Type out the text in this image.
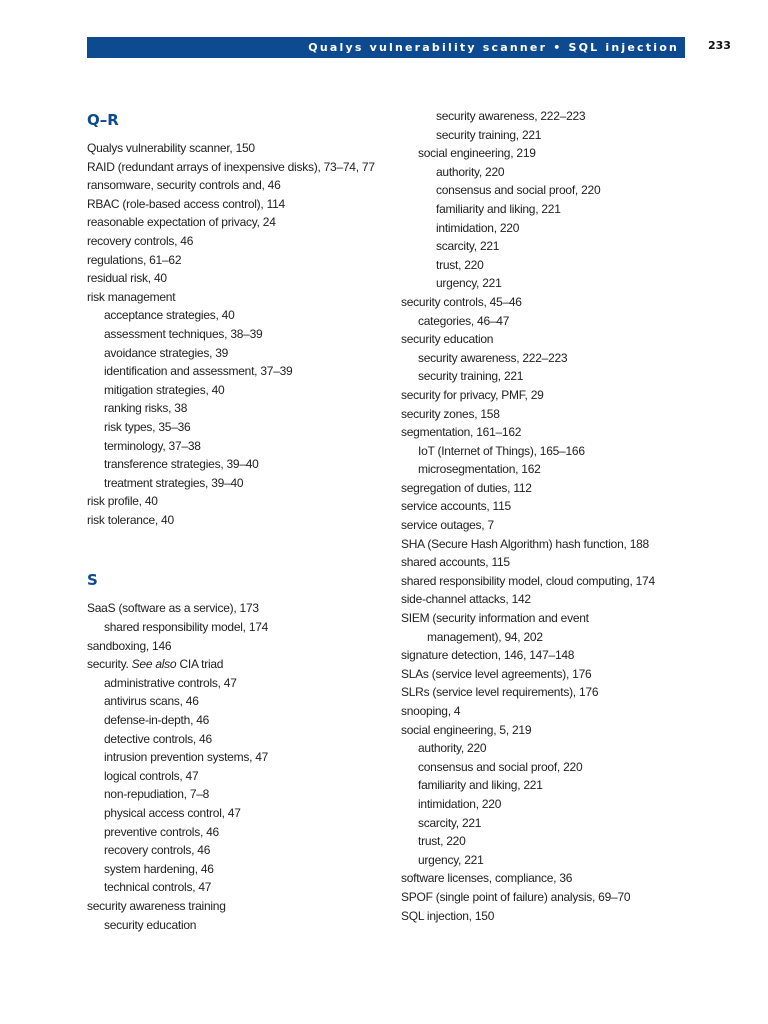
Qualys vulnerability scanner • SQL injection	233
Q–R
Qualys vulnerability scanner, 150
RAID (redundant arrays of inexpensive disks), 73–74, 77
ransomware, security controls and, 46
RBAC (role-based access control), 114
reasonable expectation of privacy, 24
recovery controls, 46
regulations, 61–62
residual risk, 40
risk management
acceptance strategies, 40
assessment techniques, 38–39
avoidance strategies, 39
identification and assessment, 37–39
mitigation strategies, 40
ranking risks, 38
risk types, 35–36
terminology, 37–38
transference strategies, 39–40
treatment strategies, 39–40
risk profile, 40
risk tolerance, 40
S
SaaS (software as a service), 173
shared responsibility model, 174
sandboxing, 146
security. See also CIA triad
administrative controls, 47
antivirus scans, 46
defense-in-depth, 46
detective controls, 46
intrusion prevention systems, 47
logical controls, 47
non-repudiation, 7–8
physical access control, 47
preventive controls, 46
recovery controls, 46
system hardening, 46
technical controls, 47
security awareness training
security education
security awareness, 222–223
security training, 221
social engineering, 219
authority, 220
consensus and social proof, 220
familiarity and liking, 221
intimidation, 220
scarcity, 221
trust, 220
urgency, 221
security controls, 45–46
categories, 46–47
security education
security awareness, 222–223
security training, 221
security for privacy, PMF, 29
security zones, 158
segmentation, 161–162
IoT (Internet of Things), 165–166
microsegmentation, 162
segregation of duties, 112
service accounts, 115
service outages, 7
SHA (Secure Hash Algorithm) hash function, 188
shared accounts, 115
shared responsibility model, cloud computing, 174
side-channel attacks, 142
SIEM (security information and event
management), 94, 202
signature detection, 146, 147–148
SLAs (service level agreements), 176
SLRs (service level requirements), 176
snooping, 4
social engineering, 5, 219
authority, 220
consensus and social proof, 220
familiarity and liking, 221
intimidation, 220
scarcity, 221
trust, 220
urgency, 221
software licenses, compliance, 36
SPOF (single point of failure) analysis, 69–70
SQL injection, 150
